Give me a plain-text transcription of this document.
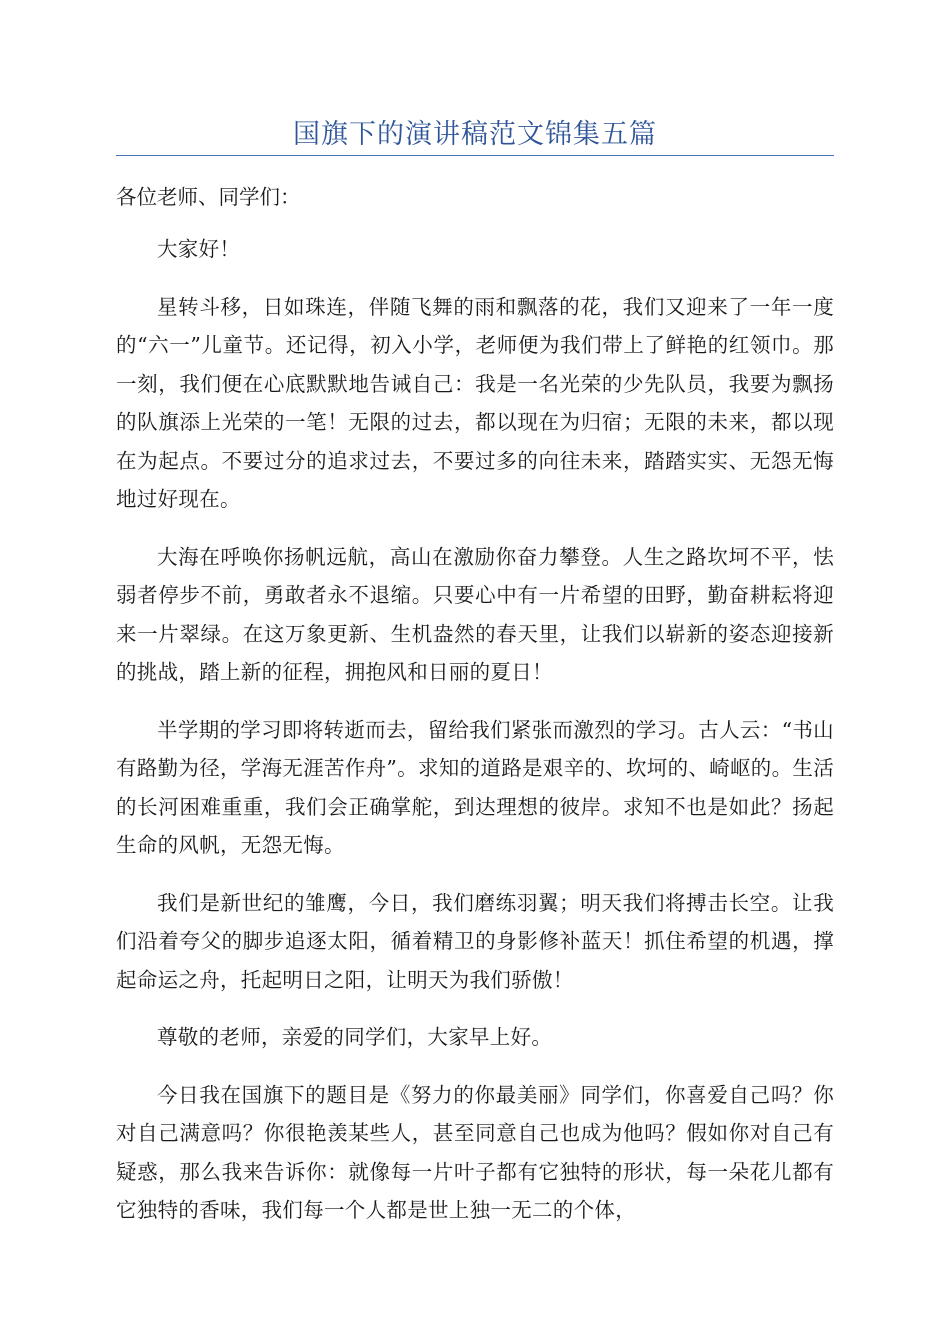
国旗下的演讲稿范文锦集五篇
各位老师、同学们：

大家好！

星转斗移，日如珠连，伴随飞舞的雨和飘落的花，我们又迎来了一年一度的“六一”儿童节。还记得，初入小学，老师便为我们带上了鲜艳的红领巾。那一刻，我们便在心底默默地告诫自己：我是一名光荣的少先队员，我要为飘扬的队旗添上光荣的一笔！无限的过去，都以现在为归宿；无限的未来，都以现在为起点。不要过分的追求过去，不要过多的向往未来，踏踏实实、无怨无悔地过好现在。

大海在呼唤你扬帆远航，高山在激励你奋力攀登。人生之路坎坷不平，怯弱者停步不前，勇敢者永不退缩。只要心中有一片希望的田野，勤奋耕耘将迎来一片翠绿。在这万象更新、生机盎然的春天里，让我们以崭新的姿态迎接新的挑战，踏上新的征程，拥抱风和日丽的夏日！

半学期的学习即将转逝而去，留给我们紧张而激烈的学习。古人云：“书山有路勤为径，学海无涯苦作舟”。求知的道路是艰辛的、坎坷的、崎岖的。生活的长河困难重重，我们会正确掌舵，到达理想的彼岸。求知不也是如此？扬起生命的风帆，无怨无悔。

我们是新世纪的雏鹰，今日，我们磨练羽翼；明天我们将搏击长空。让我们沿着夸父的脚步追逐太阳，循着精卫的身影修补蓝天！抓住希望的机遇，撑起命运之舟，托起明日之阳，让明天为我们骄傲！

尊敬的老师，亲爱的同学们，大家早上好。

今日我在国旗下的题目是《努力的你最美丽》同学们，你喜爱自己吗？你对自己满意吗？你很艳羡某些人，甚至同意自己也成为他吗？假如你对自己有疑惑，那么我来告诉你：就像每一片叶子都有它独特的形状，每一朵花儿都有它独特的香味，我们每一个人都是世上独一无二的个体，
